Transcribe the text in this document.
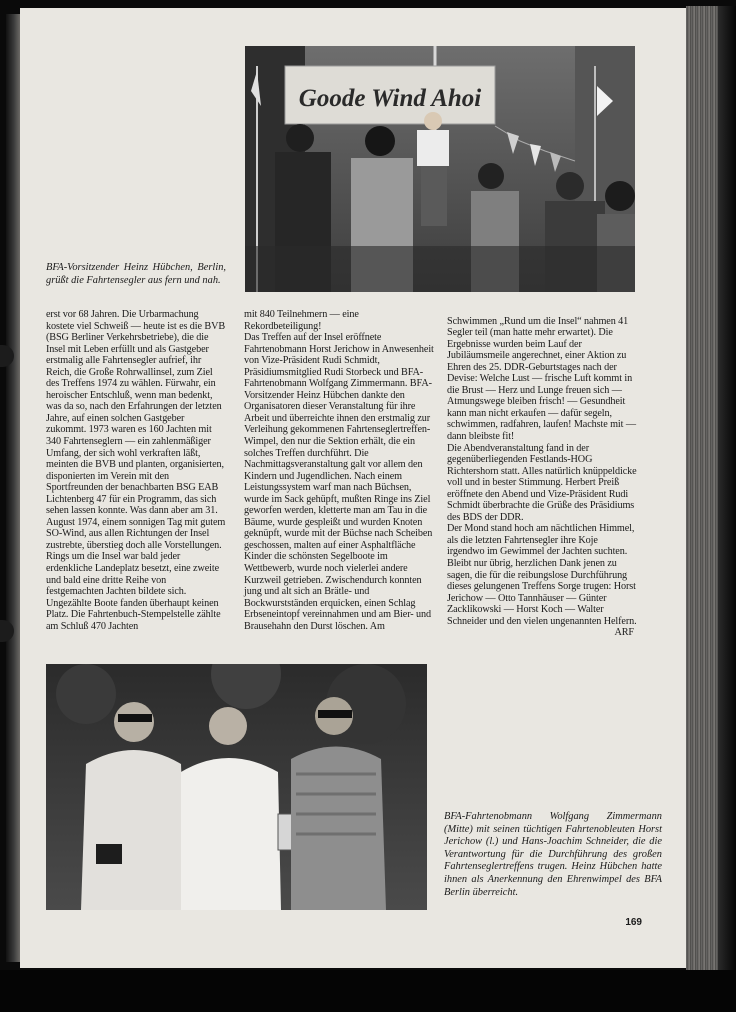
Goode Wind Ahoi

BFA-Vorsitzender Heinz Hübchen, Berlin, grüßt die Fahrtensegler aus fern und nah.

erst vor 68 Jahren. Die Urbarmachung kostete viel Schweiß — heute ist es die BVB (BSG Berliner Verkehrsbetriebe), die die Insel mit Leben erfüllt und als Gastgeber erstmalig alle Fahrtensegler aufrief, ihr Reich, die Große Rohrwallinsel, zum Ziel des Treffens 1974 zu wählen. Fürwahr, ein heroischer Entschluß, wenn man bedenkt, was da so, nach den Erfahrungen der letzten Jahre, auf einen solchen Gastgeber zukommt. 1973 waren es 160 Jachten mit 340 Fahrtenseglern — ein zahlenmäßiger Umfang, der sich wohl verkraften läßt, meinten die BVB und planten, organisierten, disponierten im Verein mit den Sportfreunden der benachbarten BSG EAB Lichtenberg 47 für ein Programm, das sich sehen lassen konnte. Was dann aber am 31. August 1974, einem sonnigen Tag mit gutem SO-Wind, aus allen Richtungen der Insel zustrebte, überstieg doch alle Vorstellungen. Rings um die Insel war bald jeder erdenkliche Landeplatz besetzt, eine zweite und bald eine dritte Reihe von festgemachten Jachten bildete sich. Ungezählte Boote fanden überhaupt keinen Platz. Die Fahrtenbuch-Stempelstelle zählte am Schluß 470 Jachten

mit 840 Teilnehmern — eine Rekordbeteiligung!
Das Treffen auf der Insel eröffnete Fahrtenobmann Horst Jerichow in Anwesenheit von Vize-Präsident Rudi Schmidt, Präsidiumsmitglied Rudi Storbeck und BFA-Fahrtenobmann Wolfgang Zimmermann. BFA-Vorsitzender Heinz Hübchen dankte den Organisatoren dieser Veranstaltung für ihre Arbeit und überreichte ihnen den erstmalig zur Verleihung gekommenen Fahrtenseglertreffen-Wimpel, den nur die Sektion erhält, die ein solches Treffen durchführt. Die Nachmittagsveranstaltung galt vor allem den Kindern und Jugendlichen. Nach einem Leistungssystem warf man nach Büchsen, wurde im Sack gehüpft, mußten Ringe ins Ziel geworfen werden, kletterte man am Tau in die Bäume, wurde gespleißt und wurden Knoten geknüpft, wurde mit der Büchse nach Scheiben geschossen, malten auf einer Asphaltfläche Kinder die schönsten Segelboote im Wettbewerb, wurde noch vielerlei andere Kurzweil getrieben. Zwischendurch konnten jung und alt sich an Brätle- und Bockwurstständen erquicken, einen Schlag Erbseneintopf vereinnahmen und am Bier- und Brausehahn den Durst löschen. Am

Schwimmen „Rund um die Insel“ nahmen 41 Segler teil (man hatte mehr erwartet). Die Ergebnisse wurden beim Lauf der Jubiläumsmeile angerechnet, einer Aktion zu Ehren des 25. DDR-Geburtstages nach der Devise: Welche Lust — frische Luft kommt in die Brust — Herz und Lunge freuen sich — Atmungswege bleiben frisch! — Gesundheit kann man nicht erkaufen — dafür segeln, schwimmen, radfahren, laufen! Machste mit — dann bleibste fit!
Die Abendveranstaltung fand in der gegenüberliegenden Festlands-HOG Richtershorn statt. Alles natürlich knüppeldicke voll und in bester Stimmung. Herbert Preiß eröffnete den Abend und Vize-Präsident Rudi Schmidt überbrachte die Grüße des Präsidiums des BDS der DDR.
Der Mond stand hoch am nächtlichen Himmel, als die letzten Fahrtensegler ihre Koje irgendwo im Gewimmel der Jachten suchten. Bleibt nur übrig, herzlichen Dank jenen zu sagen, die für die reibungslose Durchführung dieses gelungenen Treffens Sorge trugen: Horst Jerichow — Otto Tannhäuser — Günter Zacklikowski — Horst Koch — Walter Schneider und den vielen ungenannten Helfern.

ARF

BFA-Fahrtenobmann Wolfgang Zimmermann (Mitte) mit seinen tüchtigen Fahrtenobleuten Horst Jerichow (l.) und Hans-Joachim Schneider, die die Verantwortung für die Durchführung des großen Fahrtenseglertreffens trugen. Heinz Hübchen hatte ihnen als Anerkennung den Ehrenwimpel des BFA Berlin überreicht.

169
